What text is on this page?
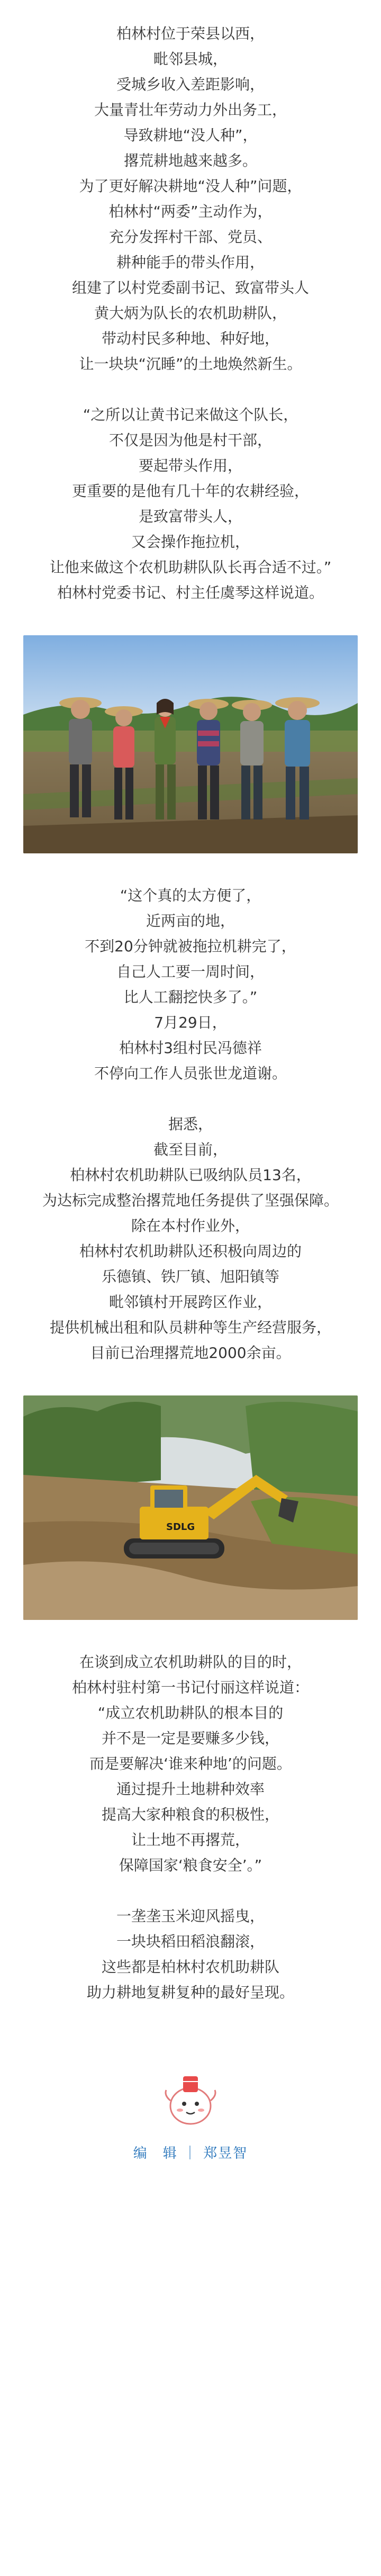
柏林村位于荣县以西，
毗邻县城，
受城乡收入差距影响，
大量青壮年劳动力外出务工，
导致耕地“没人种”，
撂荒耕地越来越多。
为了更好解决耕地“没人种”问题，
柏林村“两委”主动作为，
充分发挥村干部、党员、
耕种能手的带头作用，
组建了以村党委副书记、致富带头人
黄大炳为队长的农机助耕队，
带动村民多种地、种好地，
让一块块“沉睡”的土地焕然新生。
“之所以让黄书记来做这个队长，
不仅是因为他是村干部，
要起带头作用，
更重要的是他有几十年的农耕经验，
是致富带头人，
又会操作拖拉机，
让他来做这个农机助耕队队长再合适不过。”
柏林村党委书记、村主任虞琴这样说道。
“这个真的太方便了，
近两亩的地，
不到20分钟就被拖拉机耕完了，
自己人工要一周时间，
比人工翻挖快多了。”
7月29日，
柏林村3组村民冯德祥
不停向工作人员张世龙道谢。
据悉，
截至目前，
柏林村农机助耕队已吸纳队员13名，
为达标完成整治撂荒地任务提供了坚强保障。
除在本村作业外，
柏林村农机助耕队还积极向周边的
乐德镇、铁厂镇、旭阳镇等
毗邻镇村开展跨区作业，
提供机械出租和队员耕种等生产经营服务，
目前已治理撂荒地2000余亩。
SDLG
在谈到成立农机助耕队的目的时，
柏林村驻村第一书记付丽这样说道：
“成立农机助耕队的根本目的
并不是一定是要赚多少钱，
而是要解决‘谁来种地’的问题。
通过提升土地耕种效率
提高大家种粮食的积极性，
让土地不再撂荒，
保障国家‘粮食安全’。”
一垄垄玉米迎风摇曳，
一块块稻田稻浪翻滚，
这些都是柏林村农机助耕队
助力耕地复耕复种的最好呈现。
编　辑 ｜ 郑昱智
